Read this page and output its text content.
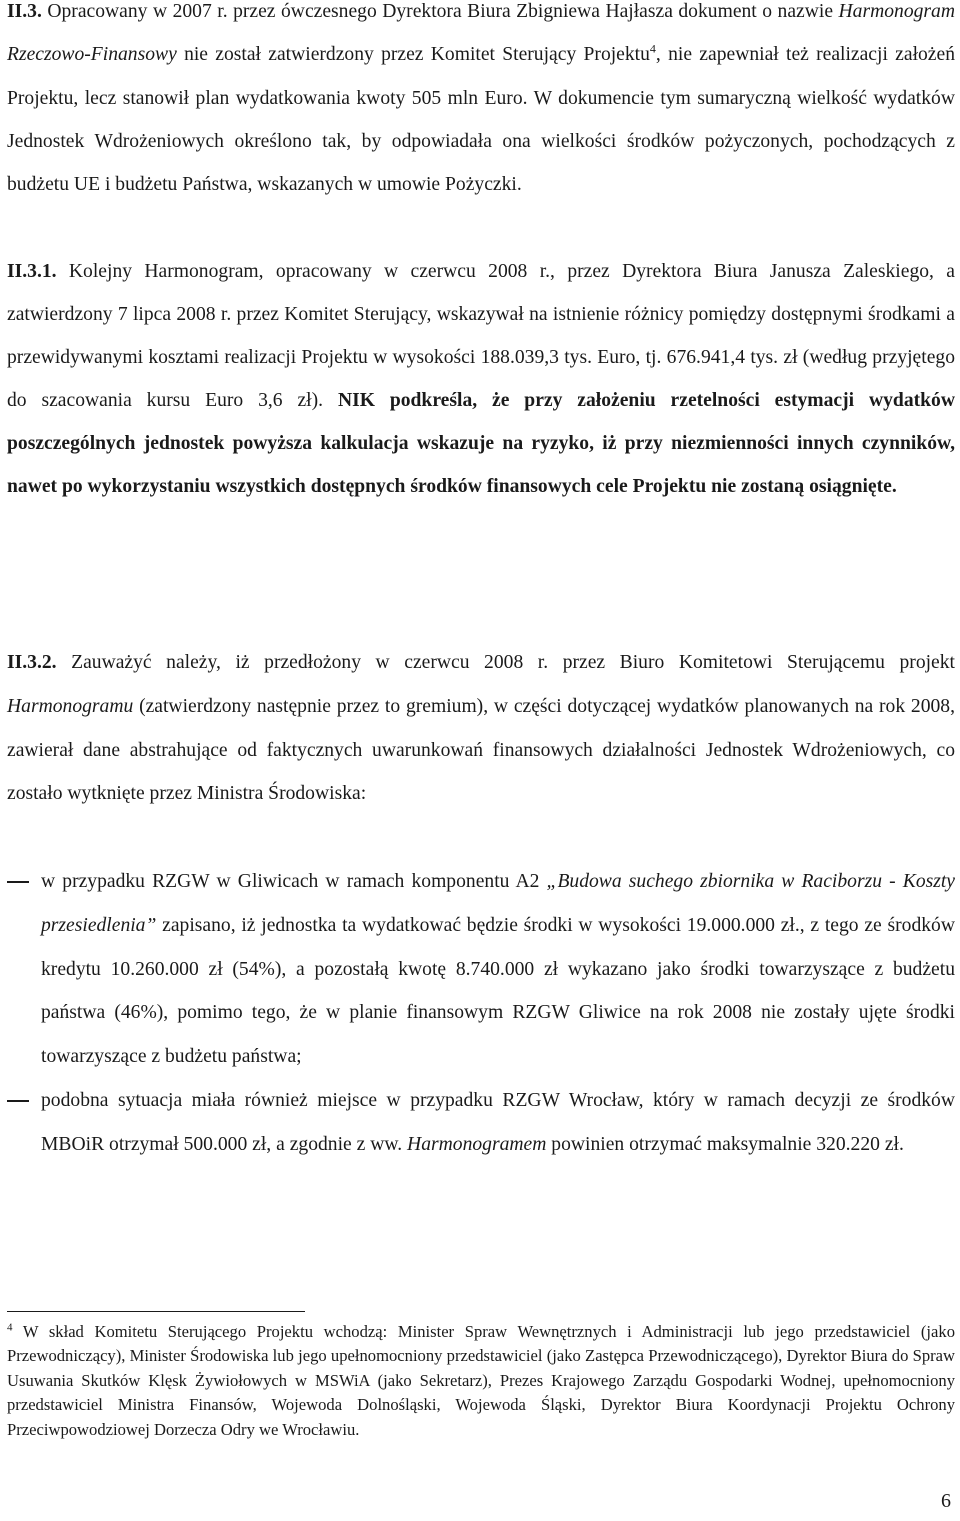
II.3. Opracowany w 2007 r. przez ówczesnego Dyrektora Biura Zbigniewa Hajłasza dokument o nazwie Harmonogram Rzeczowo-Finansowy nie został zatwierdzony przez Komitet Sterujący Projektu$^4$, nie zapewniał też realizacji założeń Projektu, lecz stanowił plan wydatkowania kwoty 505 mln Euro. W dokumencie tym sumaryczną wielkość wydatków Jednostek Wdrożeniowych określono tak, by odpowiadała ona wielkości środków pożyczonych, pochodzących z budżetu UE i budżetu Państwa, wskazanych w umowie Pożyczki.

II.3.1. Kolejny Harmonogram, opracowany w czerwcu 2008 r., przez Dyrektora Biura Janusza Zaleskiego, a zatwierdzony 7 lipca 2008 r. przez Komitet Sterujący, wskazywał na istnienie różnicy pomiędzy dostępnymi środkami a przewidywanymi kosztami realizacji Projektu w wysokości 188.039,3 tys. Euro, tj. 676.941,4 tys. zł (według przyjętego do szacowania kursu Euro 3,6 zł). NIK podkreśla, że przy założeniu rzetelności estymacji wydatków poszczególnych jednostek powyższa kalkulacja wskazuje na ryzyko, iż przy niezmienności innych czynników, nawet po wykorzystaniu wszystkich dostępnych środków finansowych cele Projektu nie zostaną osiągnięte.

II.3.2. Zauważyć należy, iż przedłożony w czerwcu 2008 r. przez Biuro Komitetowi Sterującemu projekt Harmonogramu (zatwierdzony następnie przez to gremium), w części dotyczącej wydatków planowanych na rok 2008, zawierał dane abstrahujące od faktycznych uwarunkowań finansowych działalności Jednostek Wdrożeniowych, co zostało wytknięte przez Ministra Środowiska:

w przypadku RZGW w Gliwicach w ramach komponentu A2 „Budowa suchego zbiornika w Raciborzu - Koszty przesiedlenia” zapisano, iż jednostka ta wydatkować będzie środki w wysokości 19.000.000 zł., z tego ze środków kredytu 10.260.000 zł (54%), a pozostałą kwotę 8.740.000 zł wykazano jako środki towarzyszące z budżetu państwa (46%), pomimo tego, że w planie finansowym RZGW Gliwice na rok 2008 nie zostały ujęte środki towarzyszące z budżetu państwa;
podobna sytuacja miała również miejsce w przypadku RZGW Wrocław, który w ramach decyzji ze środków MBOiR otrzymał 500.000 zł, a zgodnie z ww. Harmonogramem powinien otrzymać maksymalnie 320.220 zł.

$^4$ W skład Komitetu Sterującego Projektu wchodzą: Minister Spraw Wewnętrznych i Administracji lub jego przedstawiciel (jako Przewodniczący), Minister Środowiska lub jego upełnomocniony przedstawiciel (jako Zastępca Przewodniczącego), Dyrektor Biura do Spraw Usuwania Skutków Klęsk Żywiołowych w MSWiA (jako Sekretarz), Prezes Krajowego Zarządu Gospodarki Wodnej, upełnomocniony przedstawiciel Ministra Finansów, Wojewoda Dolnośląski, Wojewoda Śląski, Dyrektor Biura Koordynacji Projektu Ochrony Przeciwpowodziowej Dorzecza Odry we Wrocławiu.

6
